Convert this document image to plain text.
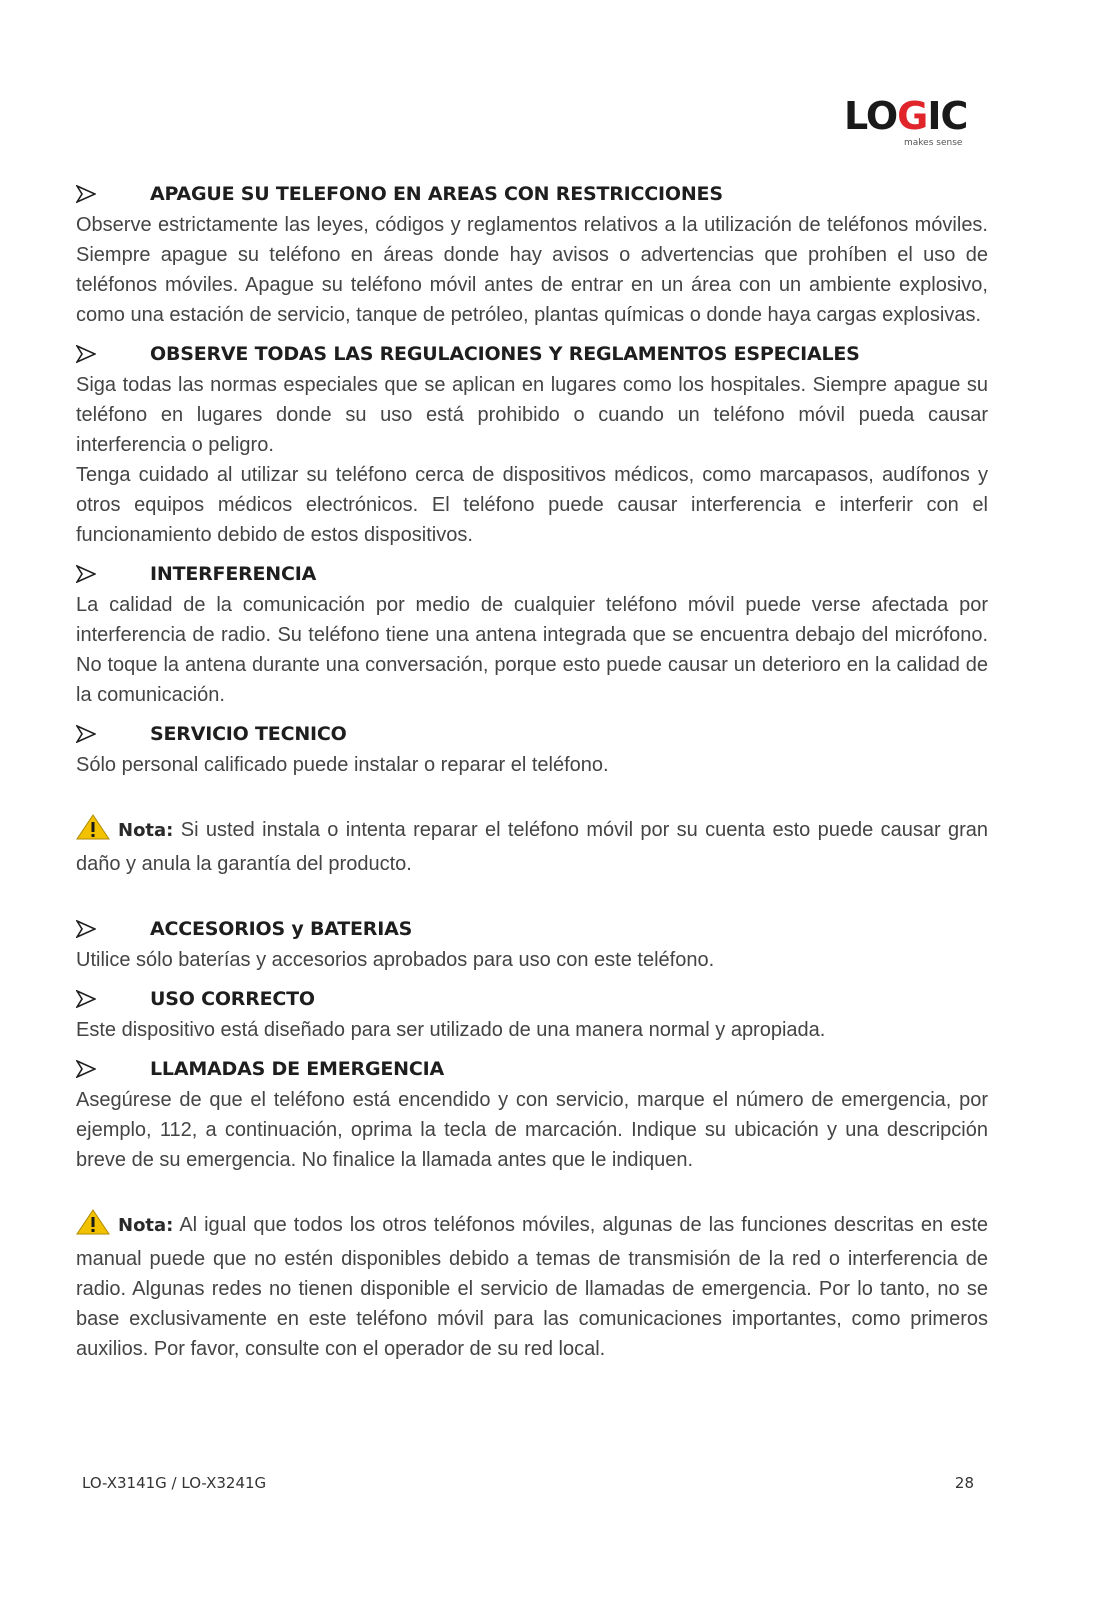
LOGIC
makes sense
APAGUE SU TELEFONO EN AREAS CON RESTRICCIONES

Observe estrictamente las leyes, códigos y reglamentos relativos a la utilización de teléfonos móviles. Siempre apague su teléfono en áreas donde hay avisos o advertencias que prohíben el uso de teléfonos móviles. Apague su teléfono móvil antes de entrar en un área con un ambiente explosivo, como una estación de servicio, tanque de petróleo, plantas químicas o donde haya cargas explosivas.

OBSERVE TODAS LAS REGULACIONES Y REGLAMENTOS ESPECIALES

Siga todas las normas especiales que se aplican en lugares como los hospitales. Siempre apague su teléfono en lugares donde su uso está prohibido o cuando un teléfono móvil pueda causar interferencia o peligro.

Tenga cuidado al utilizar su teléfono cerca de dispositivos médicos, como marcapasos, audífonos y otros equipos médicos electrónicos. El teléfono puede causar interferencia e interferir con el funcionamiento debido de estos dispositivos.

INTERFERENCIA

La calidad de la comunicación por medio de cualquier teléfono móvil puede verse afectada por interferencia de radio. Su teléfono tiene una antena integrada que se encuentra debajo del micrófono. No toque la antena durante una conversación, porque esto puede causar un deterioro en la calidad de la comunicación.

SERVICIO TECNICO

Sólo personal calificado puede instalar o reparar el teléfono.

Nota: Si usted instala o intenta reparar el teléfono móvil por su cuenta esto puede causar gran daño y anula la garantía del producto.

ACCESORIOS y BATERIAS

Utilice sólo baterías y accesorios aprobados para uso con este teléfono.

USO CORRECTO

Este dispositivo está diseñado para ser utilizado de una manera normal y apropiada.

LLAMADAS DE EMERGENCIA

Asegúrese de que el teléfono está encendido y con servicio, marque el número de emergencia, por ejemplo, 112, a continuación, oprima la tecla de marcación. Indique su ubicación y una descripción breve de su emergencia. No finalice la llamada antes que le indiquen.

Nota: Al igual que todos los otros teléfonos móviles, algunas de las funciones descritas en este manual puede que no estén disponibles debido a temas de transmisión de la red o interferencia de radio. Algunas redes no tienen disponible el servicio de llamadas de emergencia. Por lo tanto, no se base exclusivamente en este teléfono móvil para las comunicaciones importantes, como primeros auxilios. Por favor, consulte con el operador de su red local.

LO-X3141G / LO-X3241G	28
